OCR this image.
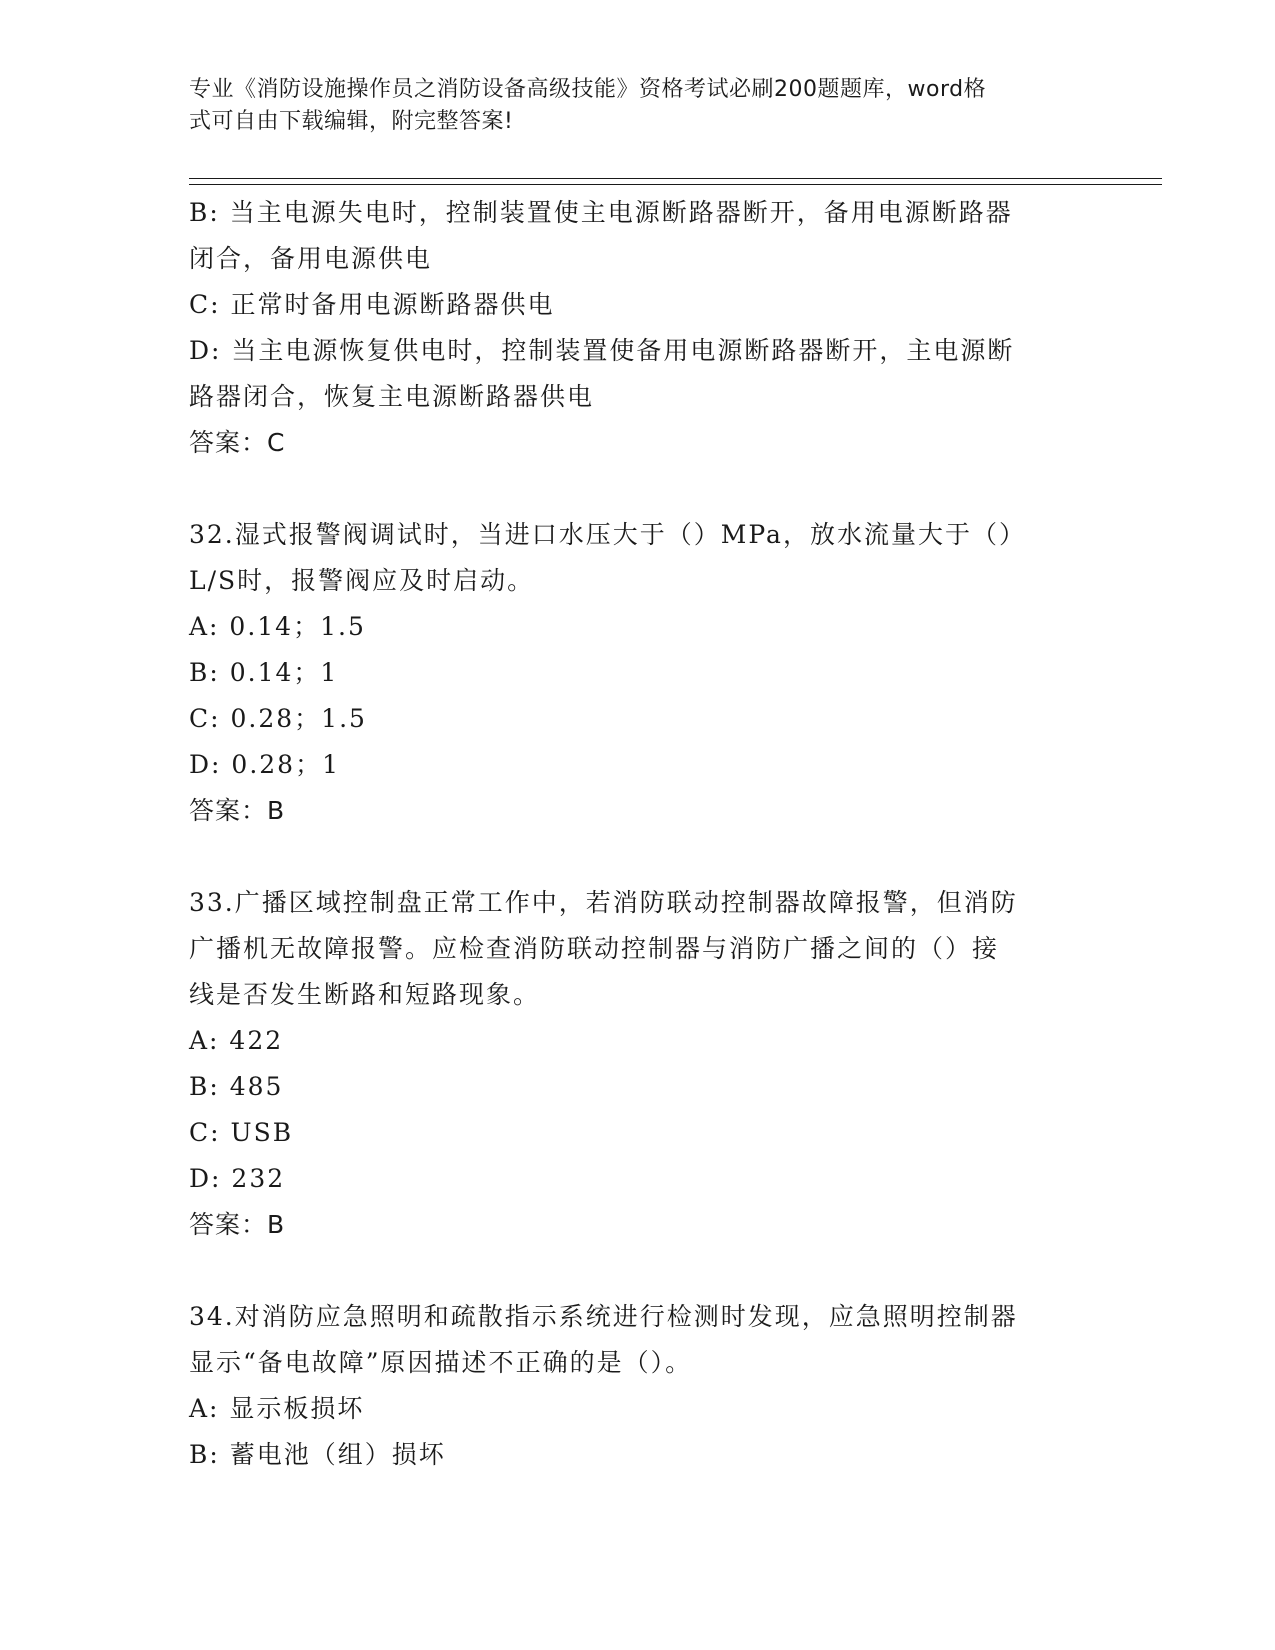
专业《消防设施操作员之消防设备高级技能》资格考试必刷200题题库，word格
式可自由下载编辑，附完整答案!
B: 当主电源失电时，控制装置使主电源断路器断开，备用电源断路器
闭合，备用电源供电
C: 正常时备用电源断路器供电
D: 当主电源恢复供电时，控制装置使备用电源断路器断开，主电源断
路器闭合，恢复主电源断路器供电
答案：C
32.湿式报警阀调试时，当进口水压大于（）MPa，放水流量大于（）
L/S时，报警阀应及时启动。
A: 0.14；1.5
B: 0.14；1
C: 0.28；1.5
D: 0.28；1
答案：B
33.广播区域控制盘正常工作中，若消防联动控制器故障报警，但消防
广播机无故障报警。应检查消防联动控制器与消防广播之间的（）接
线是否发生断路和短路现象。
A: 422
B: 485
C: USB
D: 232
答案：B
34.对消防应急照明和疏散指示系统进行检测时发现，应急照明控制器
显示“备电故障”原因描述不正确的是（）。
A: 显示板损坏
B: 蓄电池（组）损坏
